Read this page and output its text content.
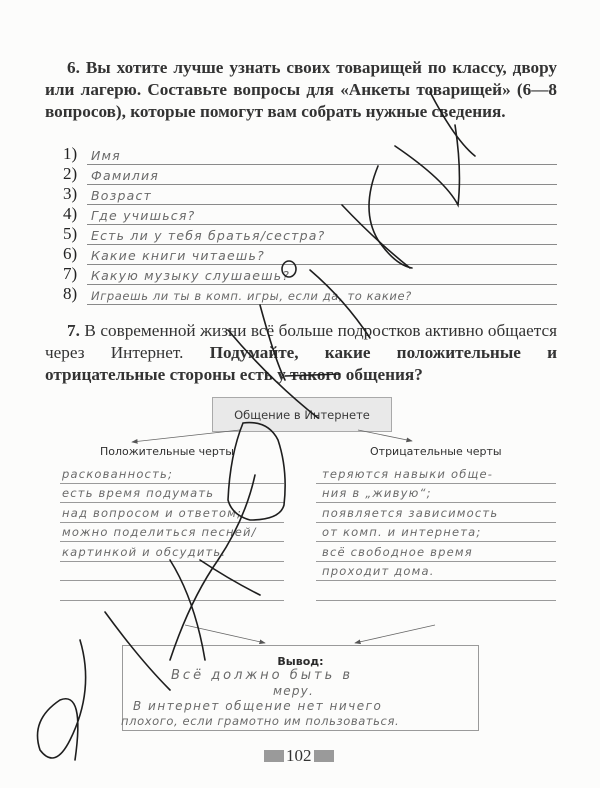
6. Вы хотите лучше узнать своих товарищей по классу, двору или лагерю. Составьте вопросы для «Анкеты товарищей» (6—8 вопросов), которые помогут вам собрать нужные сведения.

1) Имя
2) Фамилия
3) Возраст
4) Где учишься?
5) Есть ли у тебя братья/сестра?
6) Какие книги читаешь?
7) Какую музыку слушаешь?
8) Играешь ли ты в комп. игры, если да, то какие?

7. В современной жизни всё больше подростков активно общается через Интернет. Подумайте, какие положительные и отрицательные стороны есть у такого общения?

Общение в Интернете
Положительные черты	Отрицательные черты
раскованность;
есть время подумать
над вопросом и ответом;
можно поделиться песней/
картинкой и обсудить.
теряются навыки обще-
ния в „живую“;
появляется зависимость
от комп. и интернета;
всё свободное время
проходит дома.
Вывод:
Всё должно быть в
меру.
В интернет общение нет ничего
плохого, если грамотно им пользоваться.
102
